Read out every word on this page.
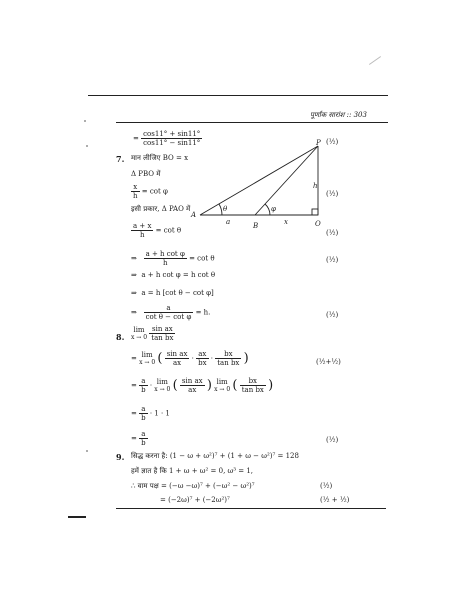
पूर्णांक सारांश :: 303
= $\frac{\cos 11^\circ + \sin 11^\circ}{\cos 11^\circ - \sin 11^\circ}$	(½)
7. मान लीजिए BO = x
Δ PBO में
$\frac{x}{h} = \cot \varphi$	(½)
इसी प्रकार, Δ PAO में
$\frac{a + x}{h} = \cot \theta$	(½)
P
h
A
B	O
θ	φ
a	x
⇒ $\frac{\text{a + h cot φ}}{h} = \cot \theta$	(½)
⇒ a + h cot φ = h cot θ
⇒ a = h [cot θ − cot φ]
⇒ $\frac{a}{\text{cot θ − cot φ}} = h$.	(½)
8.
lim
x → 0
$\frac{\text{sin ax}}{\text{tan bx}}$
= lim
x → 0 ( $\frac{\text{sin ax}}{ax} \cdot \frac{ax}{bx} \cdot \frac{bx}{\text{tan bx}}$ )	(½+½)
= $\frac{a}{b} \cdot \lim$
x → 0 ( $\frac{\text{sin ax}}{ax}$ ) lim
x → 0 ( $\frac{bx}{\text{tan bx}}$ )
= $\frac{a}{b} \cdot 1 \cdot 1$
= $\frac{a}{b}$	(½)
9. सिद्ध करना है: (1 − ω + ω²)⁷ + (1 + ω − ω²)⁷ = 128
हमें ज्ञात है कि 1 + ω + ω² = 0, ω³ = 1,
∴ वाम पक्ष = (−ω −ω)⁷ + (−ω² − ω²)⁷	(½)
= (−2ω)⁷ + (−2ω²)⁷	(½ + ½)
